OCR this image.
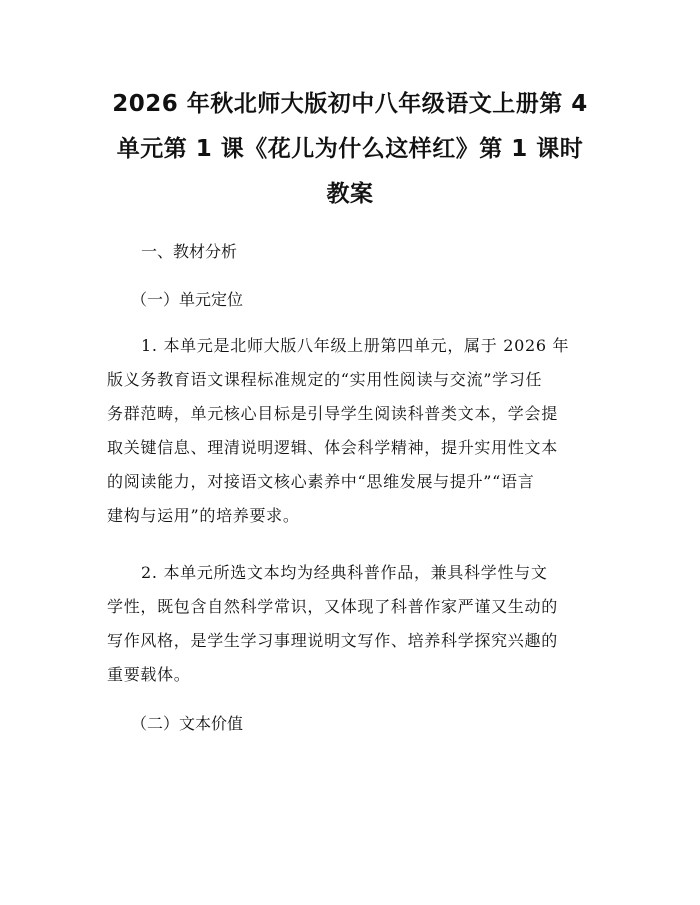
2026 年秋北师大版初中八年级语文上册第 4
单元第 1 课《花儿为什么这样红》第 1 课时
教案
一、教材分析
（一）单元定位
1. 本单元是北师大版八年级上册第四单元，属于 2026 年
版义务教育语文课程标准规定的“实用性阅读与交流”学习任
务群范畴，单元核心目标是引导学生阅读科普类文本，学会提
取关键信息、理清说明逻辑、体会科学精神，提升实用性文本
的阅读能力，对接语文核心素养中“思维发展与提升”“语言
建构与运用”的培养要求。
2. 本单元所选文本均为经典科普作品，兼具科学性与文
学性，既包含自然科学常识，又体现了科普作家严谨又生动的
写作风格，是学生学习事理说明文写作、培养科学探究兴趣的
重要载体。
（二）文本价值
